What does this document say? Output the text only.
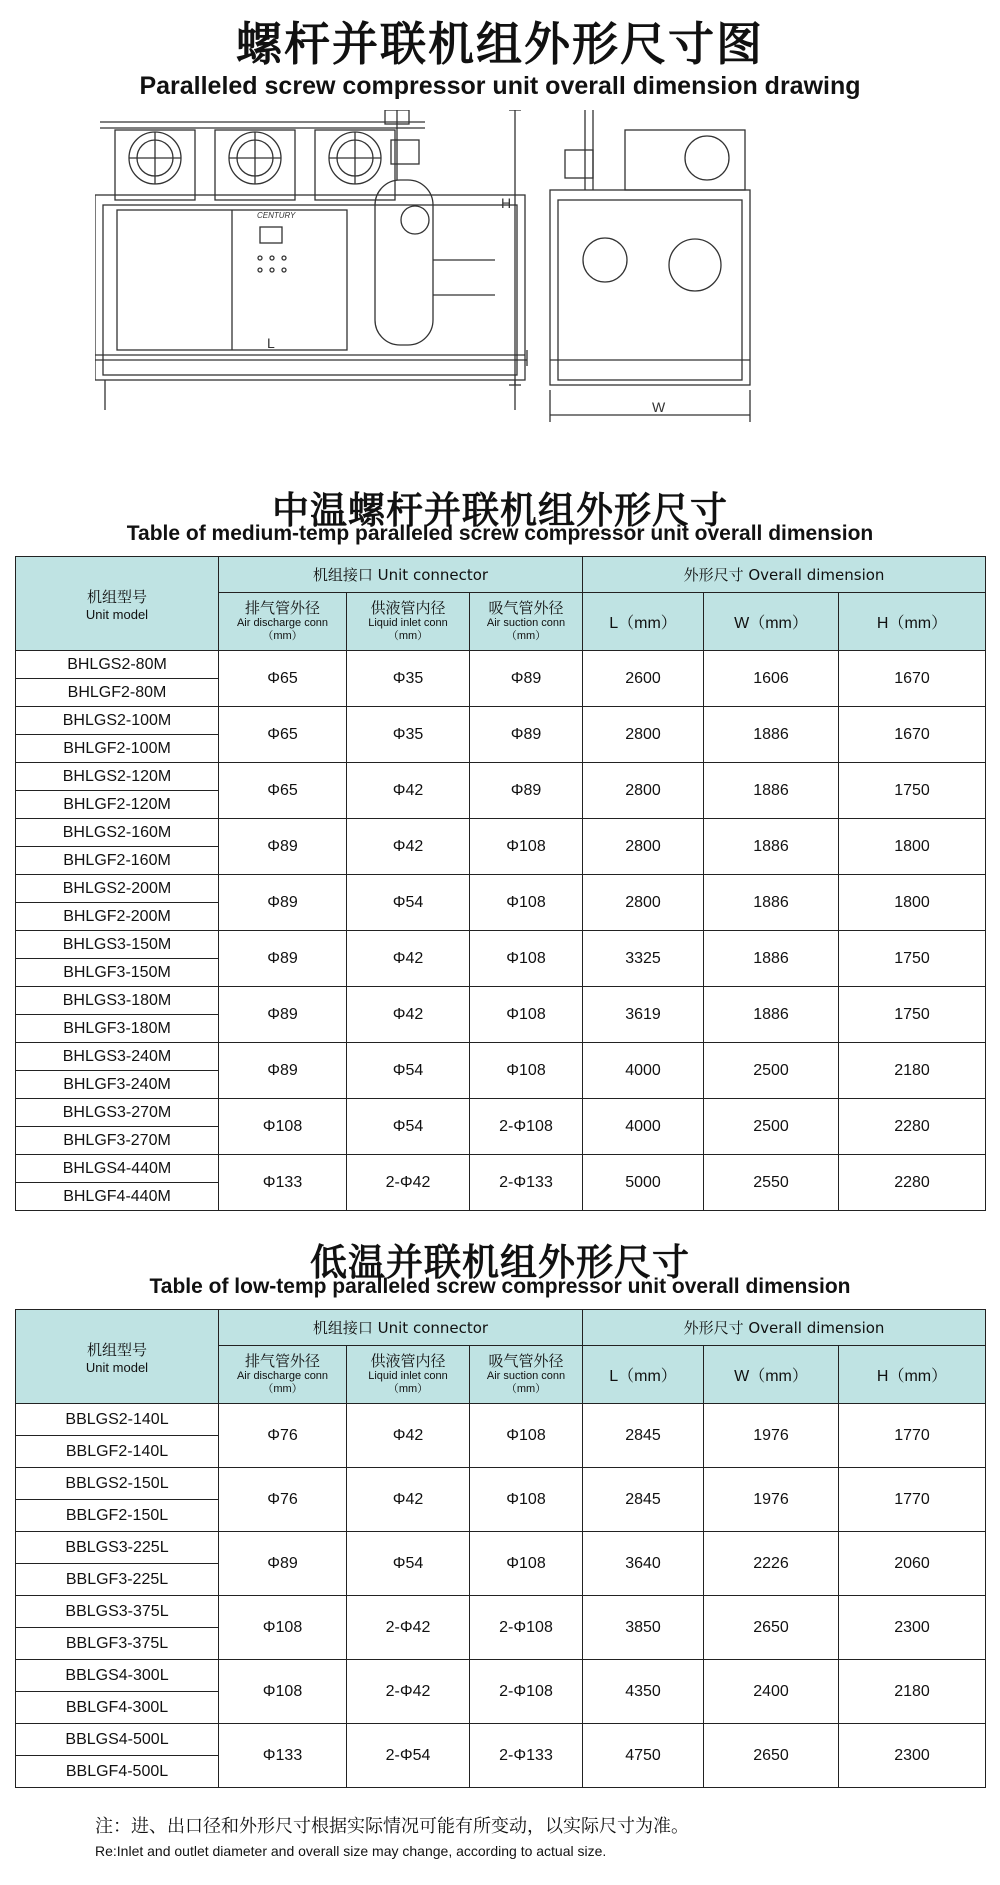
螺杆并联机组外形尺寸图
Paralleled screw compressor unit overall dimension drawing
L
W
H
CENTURY
中温螺杆并联机组外形尺寸
Table of medium-temp paralleled screw compressor unit overall dimension
机组型号
Unit model	机组接口 Unit connector			外形尺寸 Overall dimension		

	排气管外径
Air discharge conn
（mm）	供液管内径
Liquid inlet conn
（mm）	吸气管外径
Air suction conn
（mm）	L（mm）	W（mm）	H（mm）
BHLGS2-80M	Φ65	Φ35	Φ89	2600	1606	1670
BHLGF2-80M						
BHLGS2-100M	Φ65	Φ35	Φ89	2800	1886	1670
BHLGF2-100M						
BHLGS2-120M	Φ65	Φ42	Φ89	2800	1886	1750
BHLGF2-120M						
BHLGS2-160M	Φ89	Φ42	Φ108	2800	1886	1800
BHLGF2-160M						
BHLGS2-200M	Φ89	Φ54	Φ108	2800	1886	1800
BHLGF2-200M						
BHLGS3-150M	Φ89	Φ42	Φ108	3325	1886	1750
BHLGF3-150M						
BHLGS3-180M	Φ89	Φ42	Φ108	3619	1886	1750
BHLGF3-180M						
BHLGS3-240M	Φ89	Φ54	Φ108	4000	2500	2180
BHLGF3-240M						
BHLGS3-270M	Φ108	Φ54	2-Φ108	4000	2500	2280
BHLGF3-270M						
BHLGS4-440M	Φ133	2-Φ42	2-Φ133	5000	2550	2280
BHLGF4-440M						
低温并联机组外形尺寸
Table of low-temp paralleled screw compressor unit overall dimension
机组型号
Unit model	机组接口 Unit connector			外形尺寸 Overall dimension		

	排气管外径
Air discharge conn
（mm）	供液管内径
Liquid inlet conn
（mm）	吸气管外径
Air suction conn
（mm）	L（mm）	W（mm）	H（mm）
BBLGS2-140L	Φ76	Φ42	Φ108	2845	1976	1770
BBLGF2-140L						
BBLGS2-150L	Φ76	Φ42	Φ108	2845	1976	1770
BBLGF2-150L						
BBLGS3-225L	Φ89	Φ54	Φ108	3640	2226	2060
BBLGF3-225L						
BBLGS3-375L	Φ108	2-Φ42	2-Φ108	3850	2650	2300
BBLGF3-375L						
BBLGS4-300L	Φ108	2-Φ42	2-Φ108	4350	2400	2180
BBLGF4-300L						
BBLGS4-500L	Φ133	2-Φ54	2-Φ133	4750	2650	2300
BBLGF4-500L						
注：进、出口径和外形尺寸根据实际情况可能有所变动，以实际尺寸为准。
Re:Inlet and outlet diameter and overall size may change, according to actual size.
